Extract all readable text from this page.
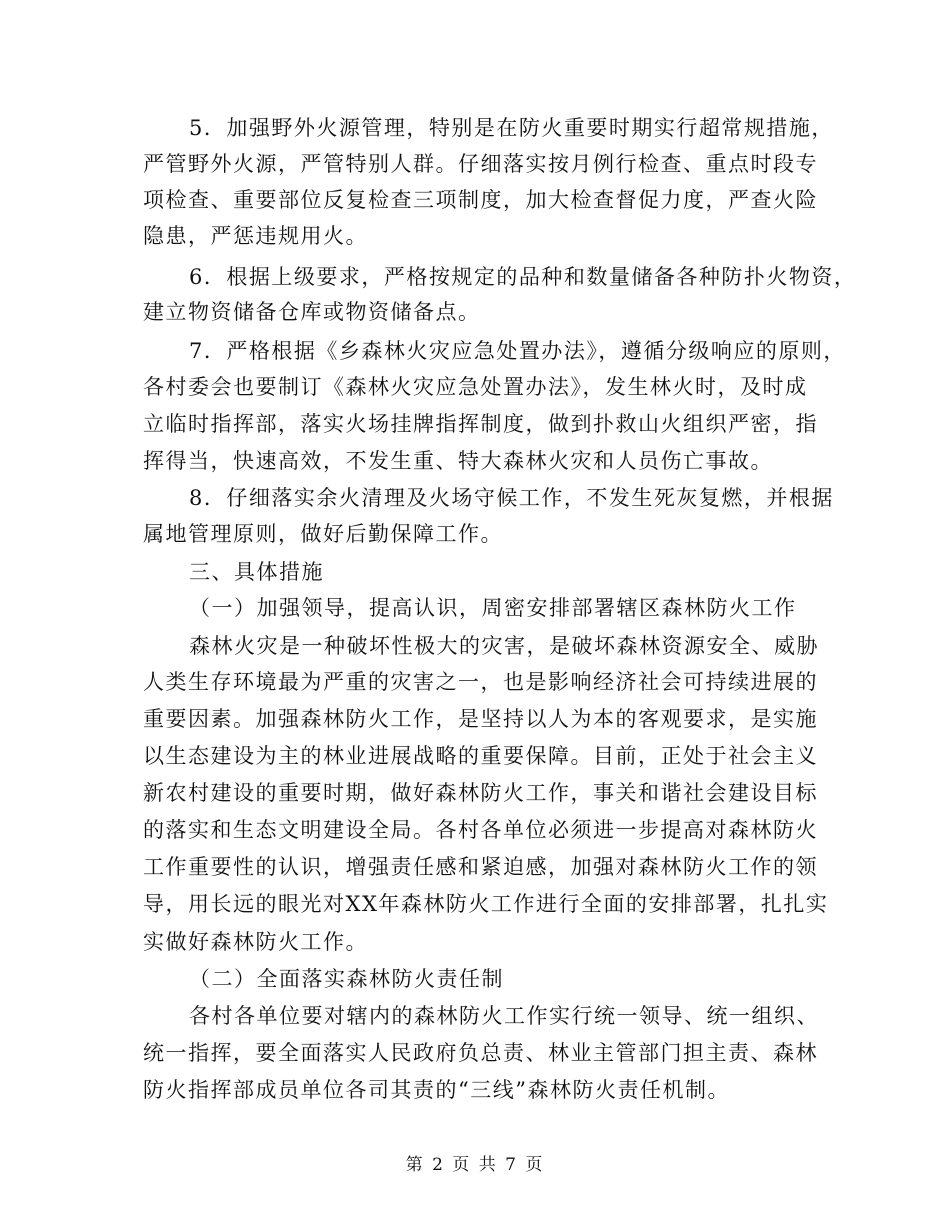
5．加强野外火源管理，特别是在防火重要时期实行超常规措施，
严管野外火源，严管特别人群。仔细落实按月例行检查、重点时段专
项检查、重要部位反复检查三项制度，加大检查督促力度，严查火险
隐患，严惩违规用火。
6．根据上级要求，严格按规定的品种和数量储备各种防扑火物资，
建立物资储备仓库或物资储备点。
7．严格根据《乡森林火灾应急处置办法》，遵循分级响应的原则，
各村委会也要制订《森林火灾应急处置办法》，发生林火时，及时成
立临时指挥部，落实火场挂牌指挥制度，做到扑救山火组织严密，指
挥得当，快速高效，不发生重、特大森林火灾和人员伤亡事故。
8．仔细落实余火清理及火场守候工作，不发生死灰复燃，并根据
属地管理原则，做好后勤保障工作。
三、具体措施
（一）加强领导，提高认识，周密安排部署辖区森林防火工作
森林火灾是一种破坏性极大的灾害，是破坏森林资源安全、威胁
人类生存环境最为严重的灾害之一，也是影响经济社会可持续进展的
重要因素。加强森林防火工作，是坚持以人为本的客观要求，是实施
以生态建设为主的林业进展战略的重要保障。目前，正处于社会主义
新农村建设的重要时期，做好森林防火工作，事关和谐社会建设目标
的落实和生态文明建设全局。各村各单位必须进一步提高对森林防火
工作重要性的认识，增强责任感和紧迫感，加强对森林防火工作的领
导，用长远的眼光对XX年森林防火工作进行全面的安排部署，扎扎实
实做好森林防火工作。
（二）全面落实森林防火责任制
各村各单位要对辖内的森林防火工作实行统一领导、统一组织、
统一指挥，要全面落实人民政府负总责、林业主管部门担主责、森林
防火指挥部成员单位各司其责的“三线”森林防火责任机制。
第 2 页 共 7 页
